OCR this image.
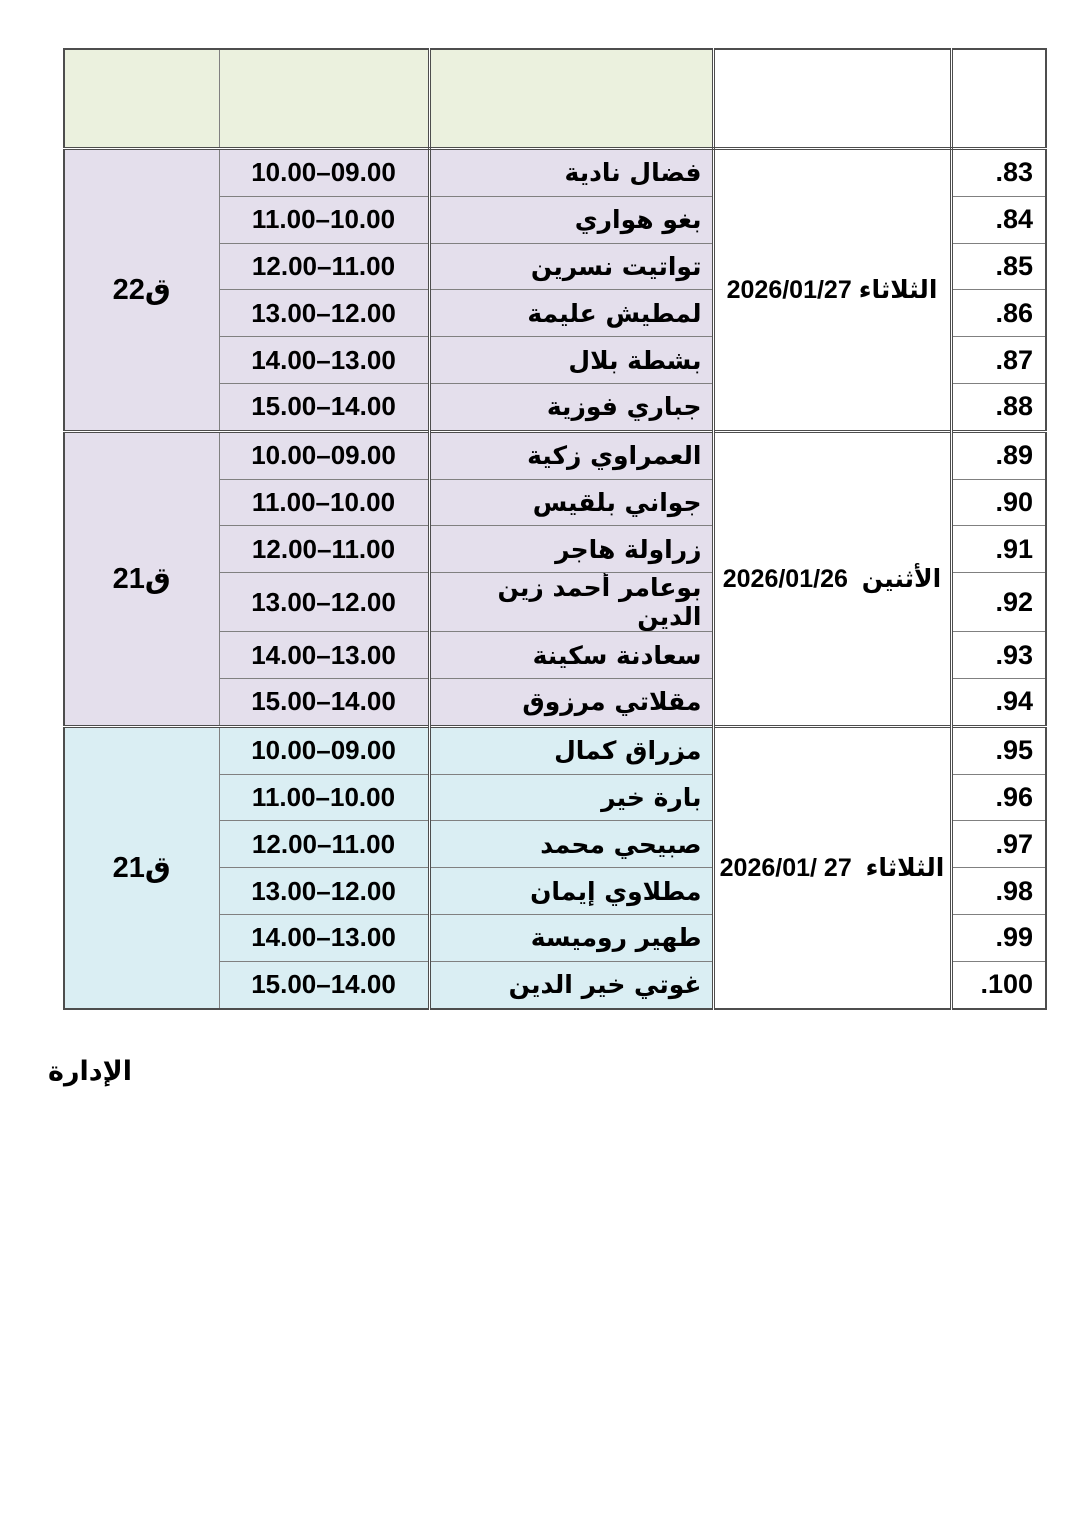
.83	2026/01/27 الثلاثاء	فضال نادية	10.00–09.00	22ق
.84		بغو هواري	11.00–10.00	
.85		تواتيت نسرين	12.00–11.00	
.86		لمطيش عليمة	13.00–12.00	
.87		بشطة بلال	14.00–13.00	
.88		جباري فوزية	15.00–14.00	
.89	2026/01/26  الأثنين	العمراوي زكية	10.00–09.00	21ق
.90		جواني بلقيس	11.00–10.00	
.91		زراولة هاجر	12.00–11.00	
.92		بوعامر أحمد زين الدين	13.00–12.00	
.93		سعادنة سكينة	14.00–13.00	
.94		مقلاتي مرزوق	15.00–14.00	
.95	2026/01/ 27  الثلاثاء	مزراق كمال	10.00–09.00	21ق
.96		بارة خير	11.00–10.00	
.97		صبيحي محمد	12.00–11.00	
.98		مطلاوي إيمان	13.00–12.00	
.99		طهير روميسة	14.00–13.00	
.100		غوتي خير الدين	15.00–14.00	
الإدارة
